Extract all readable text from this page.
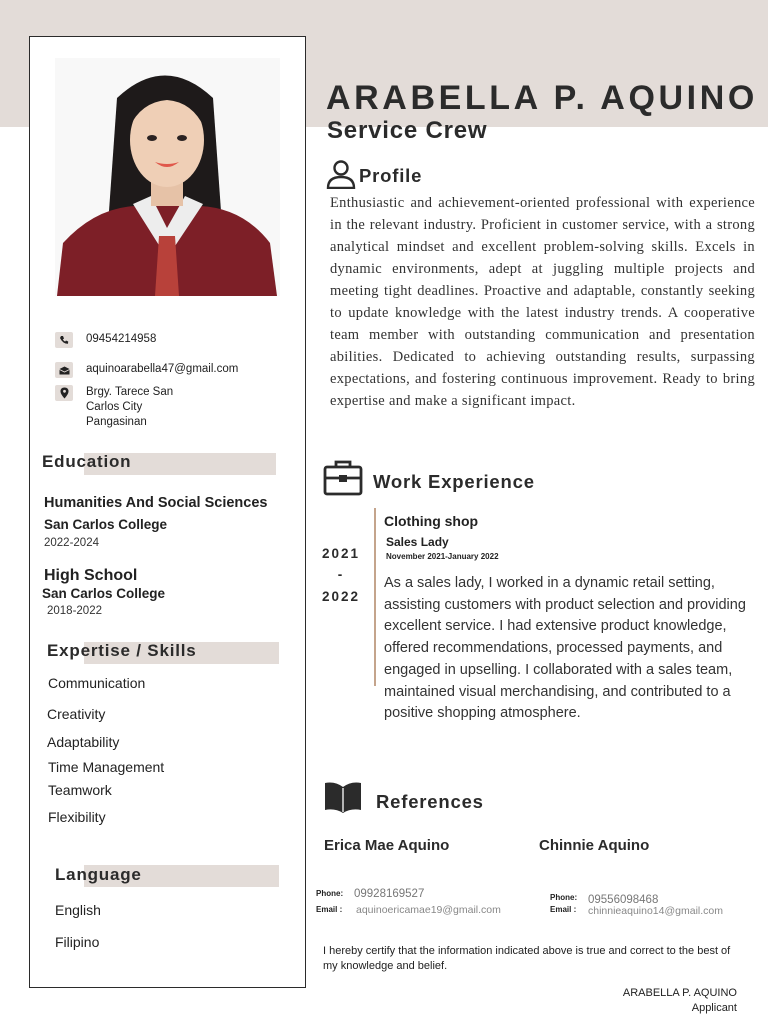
09454214958
aquinoarabella47@gmail.com
Brgy. Tarece San
Carlos City
Pangasinan
Education
Humanities And Social Sciences
San Carlos College
2022-2024
High School
San Carlos College
2018-2022
Expertise / Skills
Communication
Creativity
Adaptability
Time Management
Teamwork
Flexibility
Language
English
Filipino
ARABELLA P. AQUINO
Service Crew
Profile
Enthusiastic and achievement-oriented professional with experience in the relevant industry. Proficient in customer service, with a strong analytical mindset and excellent problem-solving skills. Excels in dynamic environments, adept at juggling multiple projects and meeting tight deadlines. Proactive and adaptable, constantly seeking to update knowledge with the latest industry trends. A cooperative team member with outstanding communication and presentation abilities. Dedicated to achieving outstanding results, surpassing expectations, and fostering continuous improvement. Ready to bring expertise and make a significant impact.
Work Experience
2021
-
2022
Clothing shop
Sales Lady
November 2021-January 2022
As a sales lady, I worked in a dynamic retail setting, assisting customers with product selection and providing excellent service. I had extensive product knowledge, offered recommendations, processed payments, and engaged in upselling. I collaborated with a sales team, maintained visual merchandising, and contributed to a positive shopping atmosphere.
References
Erica Mae Aquino	Chinnie Aquino
Phone: 09928169527
Email : aquinoericamae19@gmail.com
Phone: 09556098468
Email : chinnieaquino14@gmail.com
I hereby certify that the information indicated above is true and correct to the best of my knowledge and belief.
ARABELLA P. AQUINO
Applicant
